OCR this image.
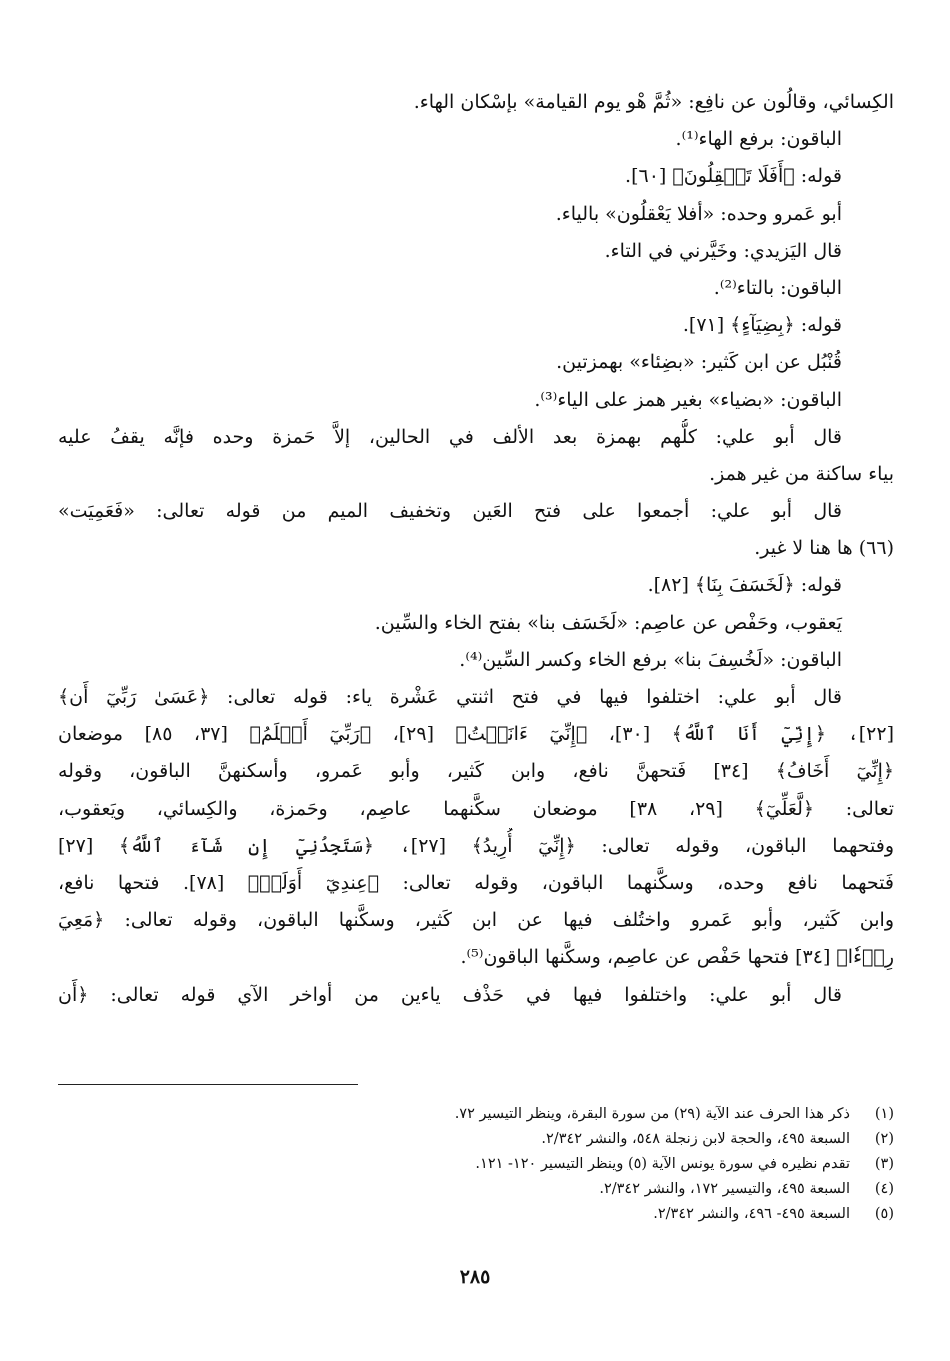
الكِسائي، وقالُون عن نافِع: «ثُمَّ هْو يوم القيامة» بإسْكان الهاء.
الباقون: برفع الهاء⁽¹⁾.
قوله: ﴿أَفَلَا تَعۡقِلُونَ﴾ [٦٠].
أبو عَمرو وحده: «أفلا يَعْقلُون» بالياء.
قال اليَزيدي: وخَيَّرني في التاء.
الباقون: بالتاء⁽²⁾.
قوله: ﴿بِضِيَآءٍ﴾ [٧١].
قُنْبُل عن ابن كَثير: «بضِئاء» بهمزتين.
الباقون: «بضياء» بغير همز على الياء⁽³⁾.
قال أبو علي: كلُّهم بهمزة بعد الألف في الحالين، إلاَّ حَمزة وحده فإنَّه يقفُ عليه
بياء ساكنة من غير همز.
قال أبو علي: أجمعوا على فتح العَين وتخفيف الميم من قوله تعالى: «فَعَمِيَت»
(٦٦) ها هنا لا غير.
قوله: ﴿لَخَسَفَ بِنَا﴾ [٨٢].
يَعقوب، وحَفْص عن عاصِم: «لَخَسَف بنا» بفتح الخاء والسِّين.
الباقون: «لَخُسِفَ بنا» برفع الخاء وكسر السِّين⁽⁴⁾.
قال أبو علي: اختلفوا فيها في فتح اثنتي عَشْرة ياء: قوله تعالى: ﴿عَسَىٰ رَبِّيٓ أَن﴾
[٢٢]، ﴿إِنِّيٓ أَنَا ٱللَّهُ﴾ [٣٠]، ﴿إِنِّيٓ ءَانَسۡتُ﴾ [٢٩]، ﴿رَبِّيٓ أَعۡلَمُ﴾ [٣٧، ٨٥] موضعان
﴿إِنِّيٓ أَخَافُ﴾ [٣٤] فَتحهنَّ نافع، وابن كَثير، وأبو عَمرو، وأسكنهنَّ الباقون، وقوله
تعالى: ﴿لَّعَلِّيٓ﴾ [٢٩، ٣٨] موضعان سكَّنهما عاصِم، وحَمزة، والكِسائي، ويَعقوب،
وفتحهما الباقون، وقوله تعالى: ﴿إِنِّيٓ أُرِيدُ﴾ [٢٧]، ﴿سَتَجِدُنِيٓ إِن شَآءَ ٱللَّهُ﴾ [٢٧]
فَتحهما نافع وحده، وسكَّنهما الباقون، وقوله تعالى: ﴿عِندِيٓ أَوَلَمۡ﴾ [٧٨]. فتحها نافع،
وابن كَثير، وأبو عَمرو واختُلف فيها عن ابن كَثير، وسكَّنها الباقون، وقوله تعالى: ﴿مَعِيَ
رِدۡءٗا﴾ [٣٤] فتحها حَفْص عن عاصِم، وسكَّنها الباقون⁽⁵⁾.
قال أبو علي: واختلفوا فيها في حَذْف ياءين من أواخر الآي قوله تعالى: ﴿أَن
(١)
ذكر هذا الحرف عند الآية (٢٩) من سورة البقرة، وينظر التيسير ٧٢.
(٢)
السبعة ٤٩٥، والحجة لابن زنجلة ٥٤٨، والنشر ٢/٣٤٢.
(٣)
تقدم نظيره في سورة يونس الآية (٥) وينظر التيسير ١٢٠- ١٢١.
(٤)
السبعة ٤٩٥، والتيسير ١٧٢، والنشر ٢/٣٤٢.
(٥)
السبعة ٤٩٥- ٤٩٦، والنشر ٢/٣٤٢.
٢٨٥
